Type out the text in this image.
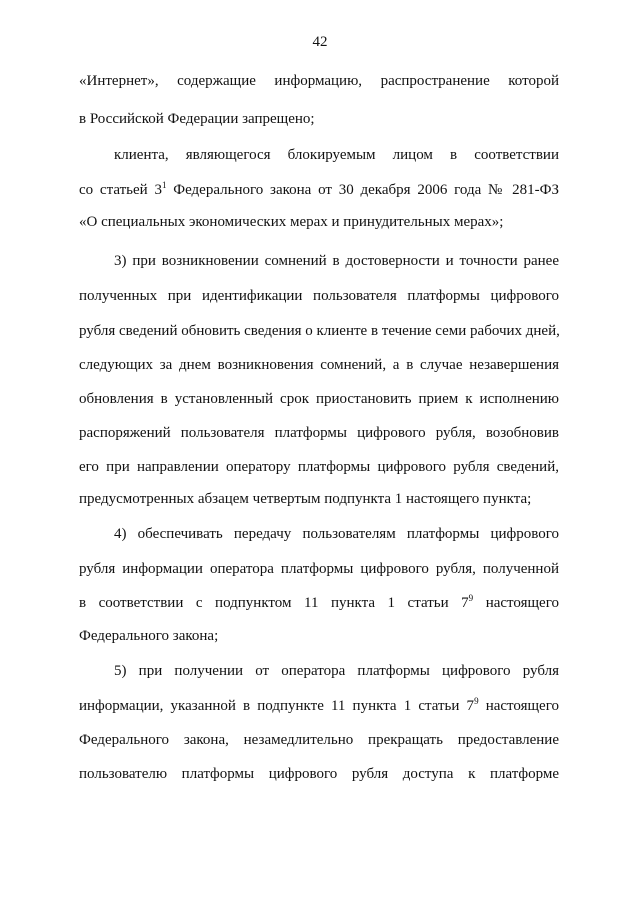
42
«Интернет», содержащие информацию, распространение которой
в Российской Федерации запрещено;
клиента, являющегося блокируемым лицом в соответствии
со статьей $3^1$ Федерального закона от 30 декабря 2006 года № 281-ФЗ
«О специальных экономических мерах и принудительных мерах»;
3) при возникновении сомнений в достоверности и точности ранее
полученных при идентификации пользователя платформы цифрового
рубля сведений обновить сведения о клиенте в течение семи рабочих дней,
следующих за днем возникновения сомнений, а в случае незавершения
обновления в установленный срок приостановить прием к исполнению
распоряжений пользователя платформы цифрового рубля, возобновив
его при направлении оператору платформы цифрового рубля сведений,
предусмотренных абзацем четвертым подпункта 1 настоящего пункта;
4) обеспечивать передачу пользователям платформы цифрового
рубля информации оператора платформы цифрового рубля, полученной
в соответствии с подпунктом 11 пункта 1 статьи $7^9$ настоящего
Федерального закона;
5) при получении от оператора платформы цифрового рубля
информации, указанной в подпункте 11 пункта 1 статьи $7^9$ настоящего
Федерального закона, незамедлительно прекращать предоставление
пользователю платформы цифрового рубля доступа к платформе
